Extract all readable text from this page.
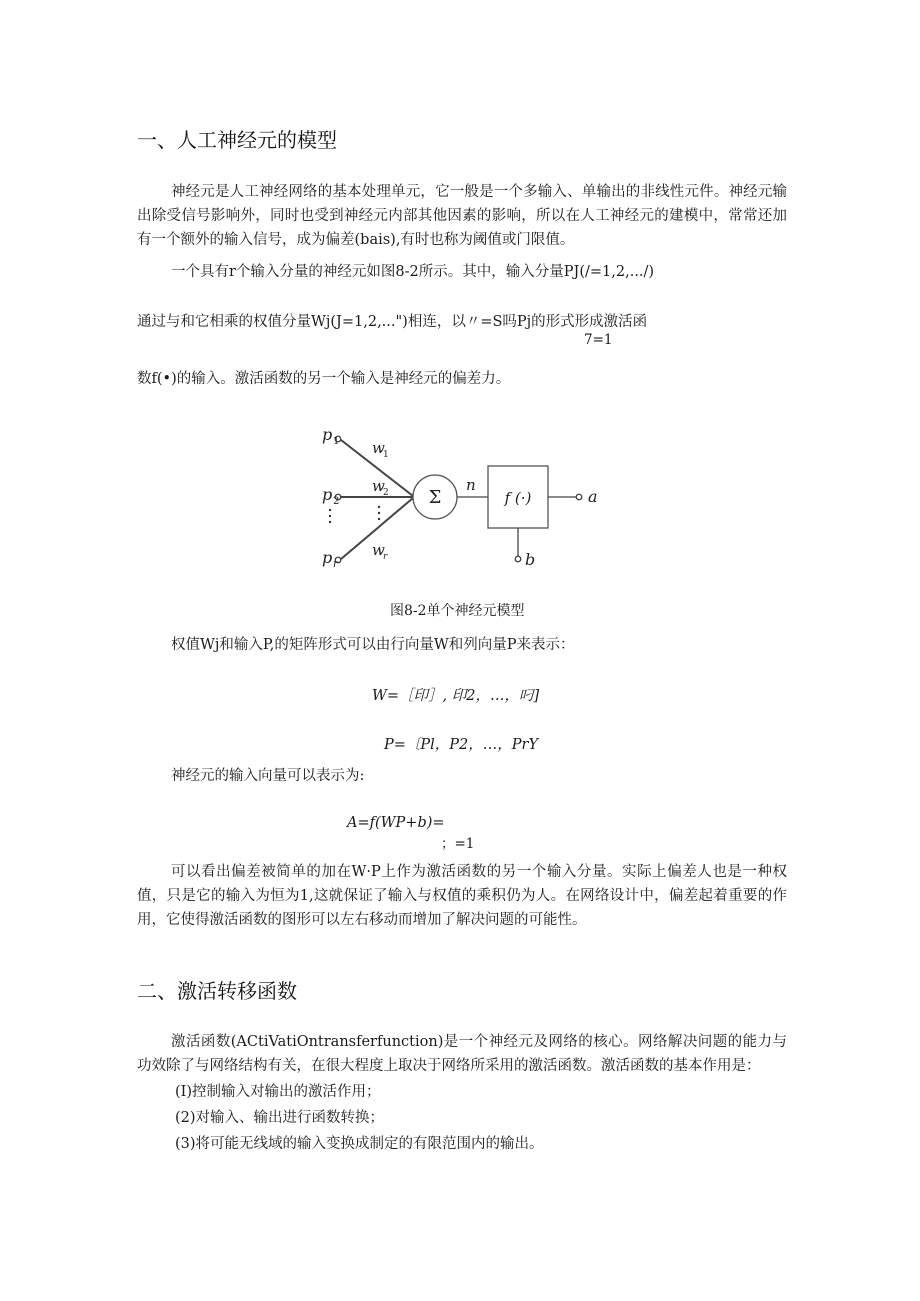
一、人工神经元的模型
神经元是人工神经网络的基本处理单元，它一般是一个多输入、单输出的非线性元件。神经元输出除受信号影响外，同时也受到神经元内部其他因素的影响，所以在人工神经元的建模中，常常还加有一个额外的输入信号，成为偏差(bais),有时也称为阈值或门限值。
一个具有r个输入分量的神经元如图8-2所示。其中，输入分量PJ(/=1,2,.../)
通过与和它相乘的权值分量Wj(J=1,2,...")相连，以〃=S吗Pj的形式形成激活函
7=1
数f(•)的输入。激活函数的另一个输入是神经元的偏差力。
Σ
n
f (·)	a
b
p 1
p 2
p r
w
1
w
2
w
r
图8-2单个神经元模型
权值Wj和输入P,的矩阵形式可以由行向量W和列向量P来表示：
W=［印］, 印2，…，叼]
P=〔Pl，P2，…，PrY
神经元的输入向量可以表示为:
A=f(WP+b)=
；=1
可以看出偏差被简单的加在W·P上作为激活函数的另一个输入分量。实际上偏差人也是一种权值，只是它的输入为恒为1,这就保证了输入与权值的乘积仍为人。在网络设计中，偏差起着重要的作用，它使得激活函数的图形可以左右移动而增加了解决问题的可能性。
二、激活转移函数
激活函数(ACtiVatiOntransferfunction)是一个神经元及网络的核心。网络解决问题的能力与功效除了与网络结构有关，在很大程度上取决于网络所采用的激活函数。激活函数的基本作用是：
(I)控制输入对输出的激活作用；
(2)对输入、输出进行函数转换；
(3)将可能无线域的输入变换成制定的有限范围内的输出。
